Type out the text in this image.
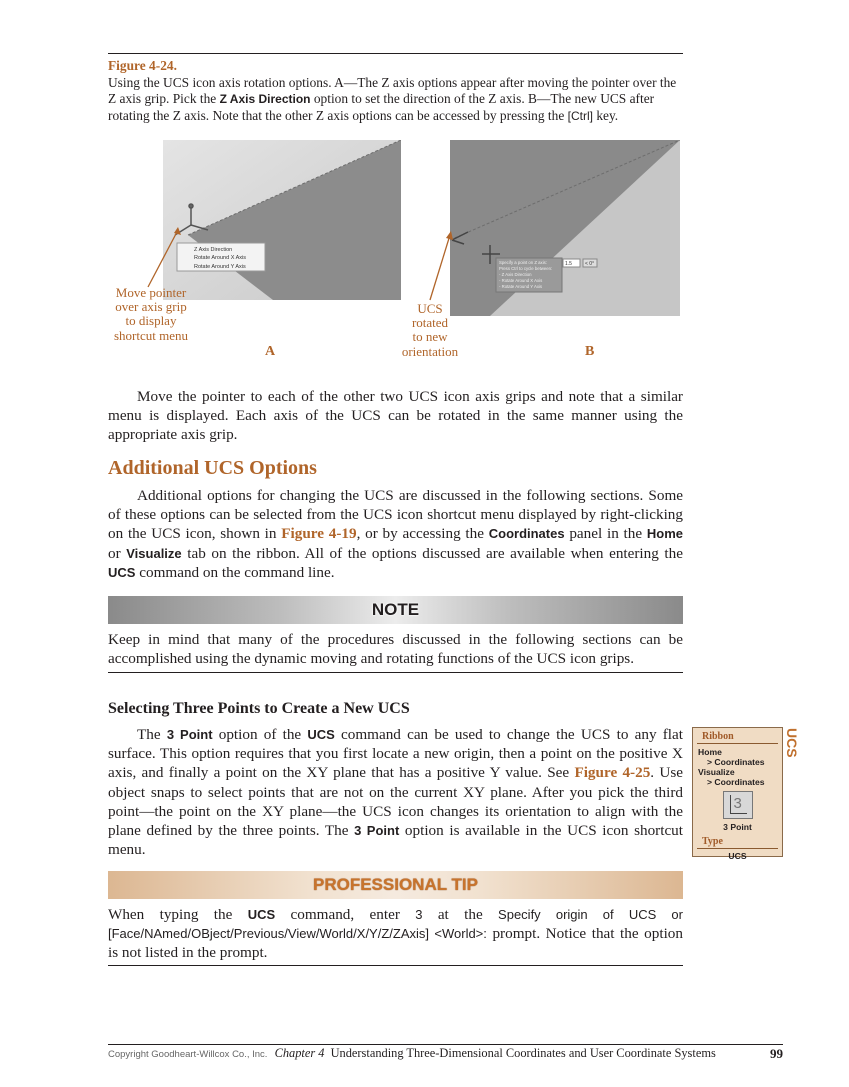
Figure 4-24.
Using the UCS icon axis rotation options. A—The Z axis options appear after moving the pointer over the Z axis grip. Pick the Z Axis Direction option to set the direction of the Z axis. B—The new UCS after rotating the Z axis. Note that the other Z axis options can be accessed by pressing the [Ctrl] key.
Z Axis Direction
Rotate Around X Axis
Rotate Around Y Axis
Move pointer
over axis grip
to display
shortcut menu
A
Specify a point on Z axis:
Press Ctrl to cycle between:
- Z Axis Direction
- Rotate Around X Axis
- Rotate Around Y Axis
1.5	< 0°
UCS
rotated
to new
orientation	B
Move the pointer to each of the other two UCS icon axis grips and note that a similar menu is displayed. Each axis of the UCS can be rotated in the same manner using the appropriate axis grip.
Additional UCS Options
Additional options for changing the UCS are discussed in the following sections. Some of these options can be selected from the UCS icon shortcut menu displayed by right-clicking on the UCS icon, shown in Figure 4-19, or by accessing the Coordinates panel in the Home or Visualize tab on the ribbon. All of the options discussed are available when entering the UCS command on the command line.
NOTE
Keep in mind that many of the procedures discussed in the following sections can be accomplished using the dynamic moving and rotating functions of the UCS icon grips.
Selecting Three Points to Create a New UCS
The 3 Point option of the UCS command can be used to change the UCS to any flat surface. This option requires that you first locate a new origin, then a point on the positive X axis, and finally a point on the XY plane that has a positive Y value. See Figure 4-25. Use object snaps to select points that are not on the current XY plane. After you pick the third point—the point on the XY plane—the UCS icon changes its orientation to align with the plane defined by the three points. The 3 Point option is available in the UCS icon shortcut menu.
Ribbon
Home
> Coordinates
Visualize
> Coordinates
3
3 Point
Type
UCS
UCS
PROFESSIONAL TIP
When typing the UCS command, enter 3 at the Specify origin of UCS or [Face/NAmed/OBject/Previous/View/World/X/Y/Z/ZAxis] <World>: prompt. Notice that the option is not listed in the prompt.
Copyright Goodheart-Willcox Co., Inc. Chapter 4 Understanding Three-Dimensional Coordinates and User Coordinate Systems	99
